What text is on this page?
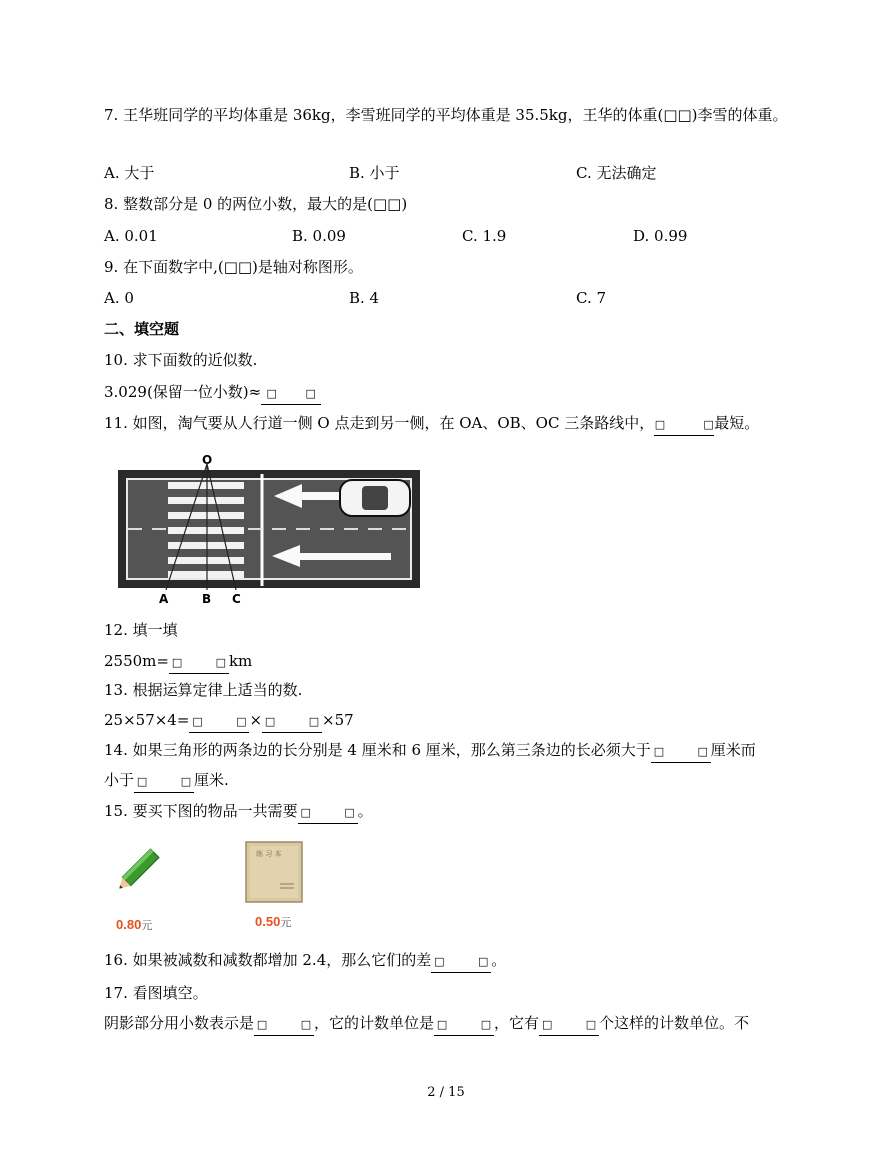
7. 王华班同学的平均体重是 36kg，李雪班同学的平均体重是 35.5kg，王华的体重(□□)李雪的体重。
A. 大于	B. 小于	C. 无法确定
8. 整数部分是 0 的两位小数，最大的是(□□)
A. 0.01	B. 0.09	C. 1.9	D. 0.99
9. 在下面数字中,(□□)是轴对称图形。
A. 0	B. 4	C. 7
二、填空题
10. 求下面数的近似数.
3.029(保留一位小数)≈ □	□
11. 如图，淘气要从人行道一侧 O 点走到另一侧，在 OA、OB、OC 三条路线中，□	□最短。
O
A	B C
12. 填一填
2550m= □	□ km
13. 根据运算定律上适当的数.
25×57×4= □	□ × □	□ ×57
14. 如果三角形的两条边的长分别是 4 厘米和 6 厘米，那么第三条边的长必须大于 □	□ 厘米而
小于 □	□ 厘米.
15. 要买下图的物品一共需要 □	□ 。
0.80元
练 习 本
0.50元
16. 如果被减数和减数都增加 2.4，那么它们的差 □	□ 。
17. 看图填空。
阴影部分用小数表示是 □	□ ，它的计数单位是 □	□ ，它有 □	□ 个这样的计数单位。不
2 / 15
